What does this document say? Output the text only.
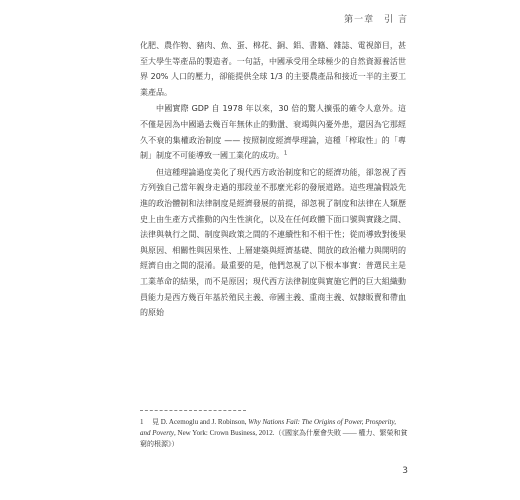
第一章 引 言

化肥、農作物、豬肉、魚、蛋、棉花、銅、鋁、書籍、雜誌、電視節目，甚至大學生等產品的製造者。一句話，中國承受用全球極少的自然資源養活世界 20% 人口的壓力，卻能提供全球 1/3 的主要農產品和接近一半的主要工業產品。

中國實際 GDP 自 1978 年以來，30 倍的驚人擴張的確令人意外。這不僅是因為中國過去幾百年無休止的動盪、衰竭與內憂外患，還因為它那經久不衰的集權政治制度 —— 按照制度經濟學理論，這種「榨取性」的「專制」制度不可能導致一國工業化的成功。$^1$

但這種理論過度美化了現代西方政治制度和它的經濟功能，卻忽視了西方列強自己當年親身走過的那段並不那麼光彩的發展道路。這些理論假設先進的政治體制和法律制度是經濟發展的前提，卻忽視了制度和法律在人類歷史上由生產方式推動的內生性演化，以及在任何政體下面口號與實踐之間、法律與執行之間、制度與政策之間的不連續性和不相干性；從而導致對後果與原因、相關性與因果性、上層建築與經濟基礎、開放的政治權力與開明的經濟自由之間的混淆。最重要的是，他們忽視了以下根本事實：普選民主是工業革命的結果，而不是原因；現代西方法律制度與實施它們的巨大組織動員能力是西方幾百年基於殖民主義、帝國主義、重商主義、奴隸販賣和帶血的原始

1 見 D. Acemoglu and J. Robinson, Why Nations Fail: The Origins of Power, Prosperity, and Poverty, New York: Crown Business, 2012.（《國家為什麼會失敗 —— 權力、繁榮和貧窮的根源》）
3
